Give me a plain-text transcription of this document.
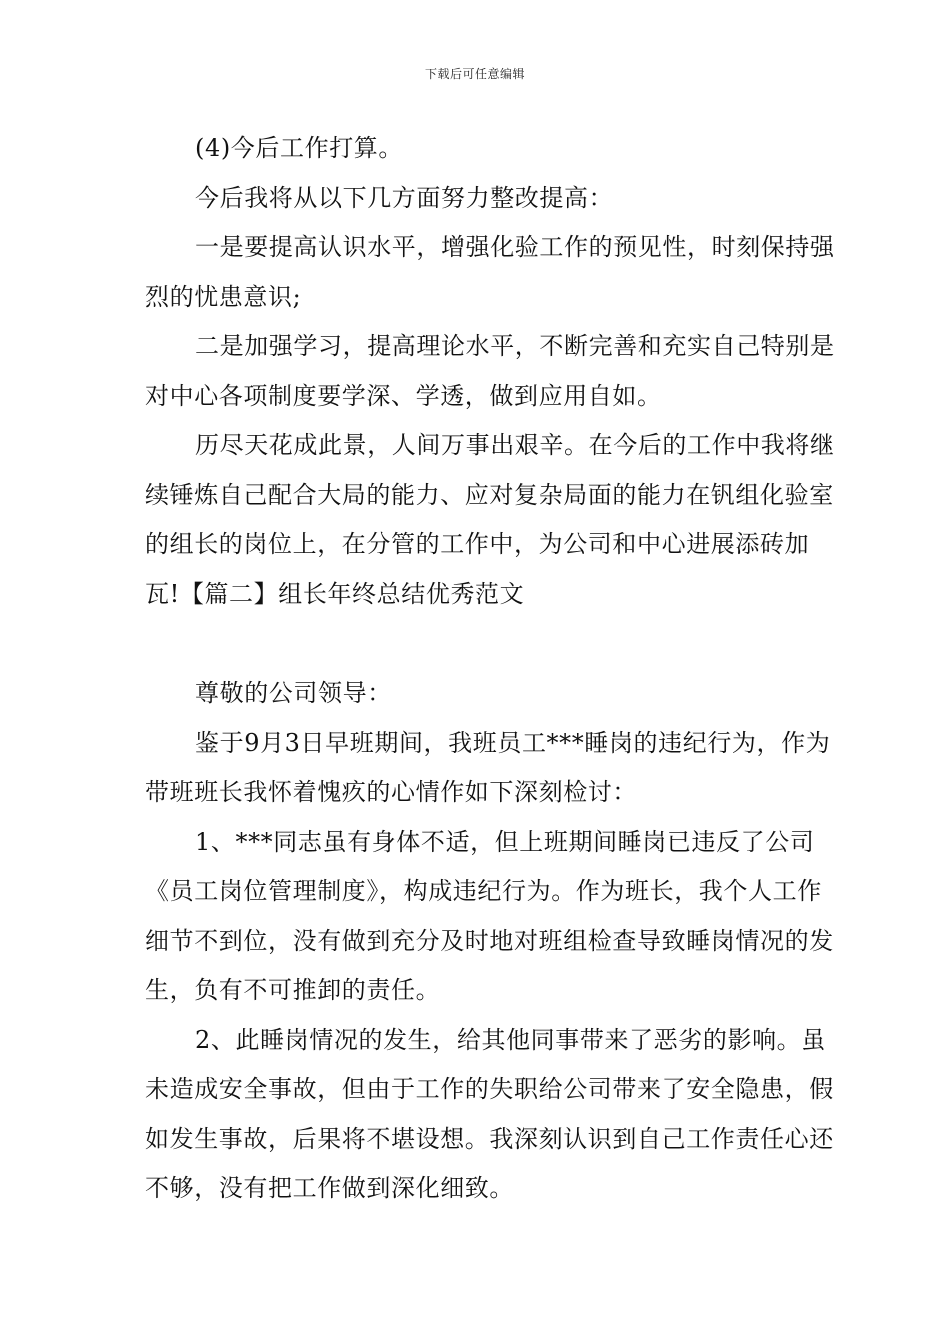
下载后可任意编辑

(4)今后工作打算。

今后我将从以下几方面努力整改提高：

一是要提高认识水平，增强化验工作的预见性，时刻保持强烈的忧患意识;

二是加强学习，提高理论水平，不断完善和充实自己特别是对中心各项制度要学深、学透，做到应用自如。

历尽天花成此景，人间万事出艰辛。在今后的工作中我将继续锤炼自己配合大局的能力、应对复杂局面的能力在钒组化验室的组长的岗位上，在分管的工作中，为公司和中心进展添砖加瓦!【篇二】组长年终总结优秀范文

尊敬的公司领导：

鉴于9月3日早班期间，我班员工***睡岗的违纪行为，作为带班班长我怀着愧疚的心情作如下深刻检讨：

1、***同志虽有身体不适，但上班期间睡岗已违反了公司《员工岗位管理制度》，构成违纪行为。作为班长，我个人工作细节不到位，没有做到充分及时地对班组检查导致睡岗情况的发生，负有不可推卸的责任。

2、此睡岗情况的发生，给其他同事带来了恶劣的影响。虽未造成安全事故，但由于工作的失职给公司带来了安全隐患，假如发生事故，后果将不堪设想。我深刻认识到自己工作责任心还不够，没有把工作做到深化细致。
